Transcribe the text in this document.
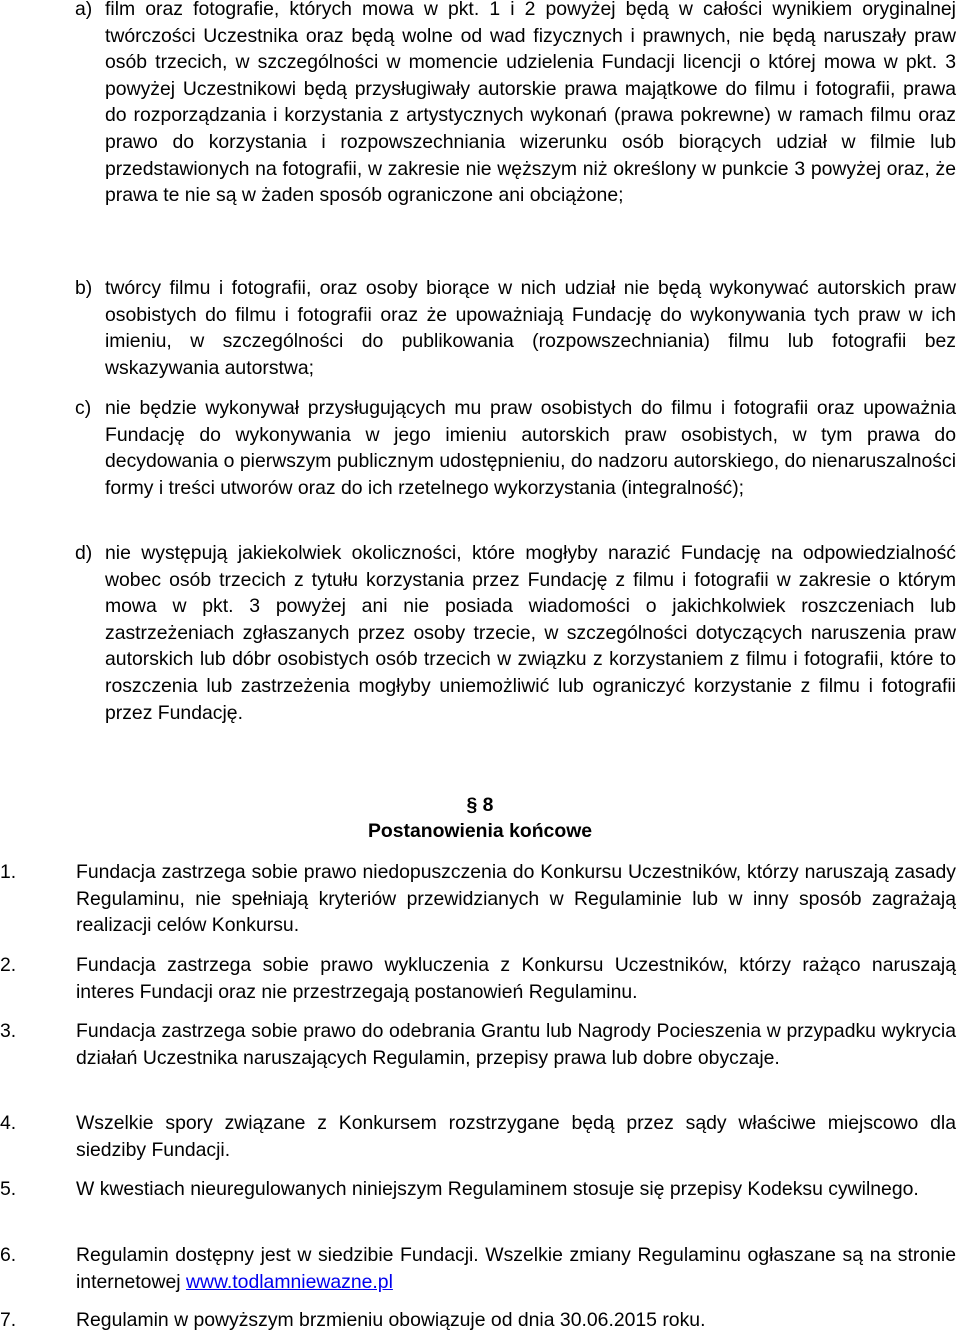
a) film oraz fotografie, których mowa w pkt. 1 i 2 powyżej będą w całości wynikiem oryginalnej twórczości Uczestnika oraz będą wolne od wad fizycznych i prawnych, nie będą naruszały praw osób trzecich, w szczególności w momencie udzielenia Fundacji licencji o której mowa w pkt. 3 powyżej Uczestnikowi będą przysługiwały autorskie prawa majątkowe do filmu i fotografii, prawa do rozporządzania i korzystania z artystycznych wykonań (prawa pokrewne) w ramach filmu oraz prawo do korzystania i rozpowszechniania wizerunku osób biorących udział w filmie lub przedstawionych na fotografii, w zakresie nie węższym niż określony w punkcie 3 powyżej oraz, że prawa te nie są w żaden sposób ograniczone ani obciążone;
b) twórcy filmu i fotografii, oraz osoby biorące w nich udział nie będą wykonywać autorskich praw osobistych do filmu i fotografii oraz że upoważniają Fundację do wykonywania tych praw w ich imieniu, w szczególności do publikowania (rozpowszechniania) filmu lub fotografii bez wskazywania autorstwa;
c) nie będzie wykonywał przysługujących mu praw osobistych do filmu i fotografii oraz upoważnia Fundację do wykonywania w jego imieniu autorskich praw osobistych, w tym prawa do decydowania o pierwszym publicznym udostępnieniu, do nadzoru autorskiego, do nienaruszalności formy i treści utworów oraz do ich rzetelnego wykorzystania (integralność);
d) nie występują jakiekolwiek okoliczności, które mogłyby narazić Fundację na odpowiedzialność wobec osób trzecich z tytułu korzystania przez Fundację z filmu i fotografii w zakresie o którym mowa w pkt. 3 powyżej ani nie posiada wiadomości o jakichkolwiek roszczeniach lub zastrzeżeniach zgłaszanych przez osoby trzecie, w szczególności dotyczących naruszenia praw autorskich lub dóbr osobistych osób trzecich w związku z korzystaniem z filmu i fotografii, które to roszczenia lub zastrzeżenia mogłyby uniemożliwić lub ograniczyć korzystanie z filmu i fotografii przez Fundację.
§ 8
Postanowienia końcowe
1.	Fundacja zastrzega sobie prawo niedopuszczenia do Konkursu Uczestników, którzy naruszają zasady Regulaminu, nie spełniają kryteriów przewidzianych w Regulaminie lub w inny sposób zagrażają realizacji celów Konkursu.
2.	Fundacja zastrzega sobie prawo wykluczenia z Konkursu Uczestników, którzy rażąco naruszają interes Fundacji oraz nie przestrzegają postanowień Regulaminu.
3.	Fundacja zastrzega sobie prawo do odebrania Grantu lub Nagrody Pocieszenia w przypadku wykrycia działań Uczestnika naruszających Regulamin, przepisy prawa lub dobre obyczaje.
4.	Wszelkie spory związane z Konkursem rozstrzygane będą przez sądy właściwe miejscowo dla siedziby Fundacji.
5.	W kwestiach nieuregulowanych niniejszym Regulaminem stosuje się przepisy Kodeksu cywilnego.
6.	Regulamin dostępny jest w siedzibie Fundacji. Wszelkie zmiany Regulaminu ogłaszane są na stronie internetowej www.todlamniewazne.pl
7.	Regulamin w powyższym brzmieniu obowiązuje od dnia 30.06.2015 roku.
